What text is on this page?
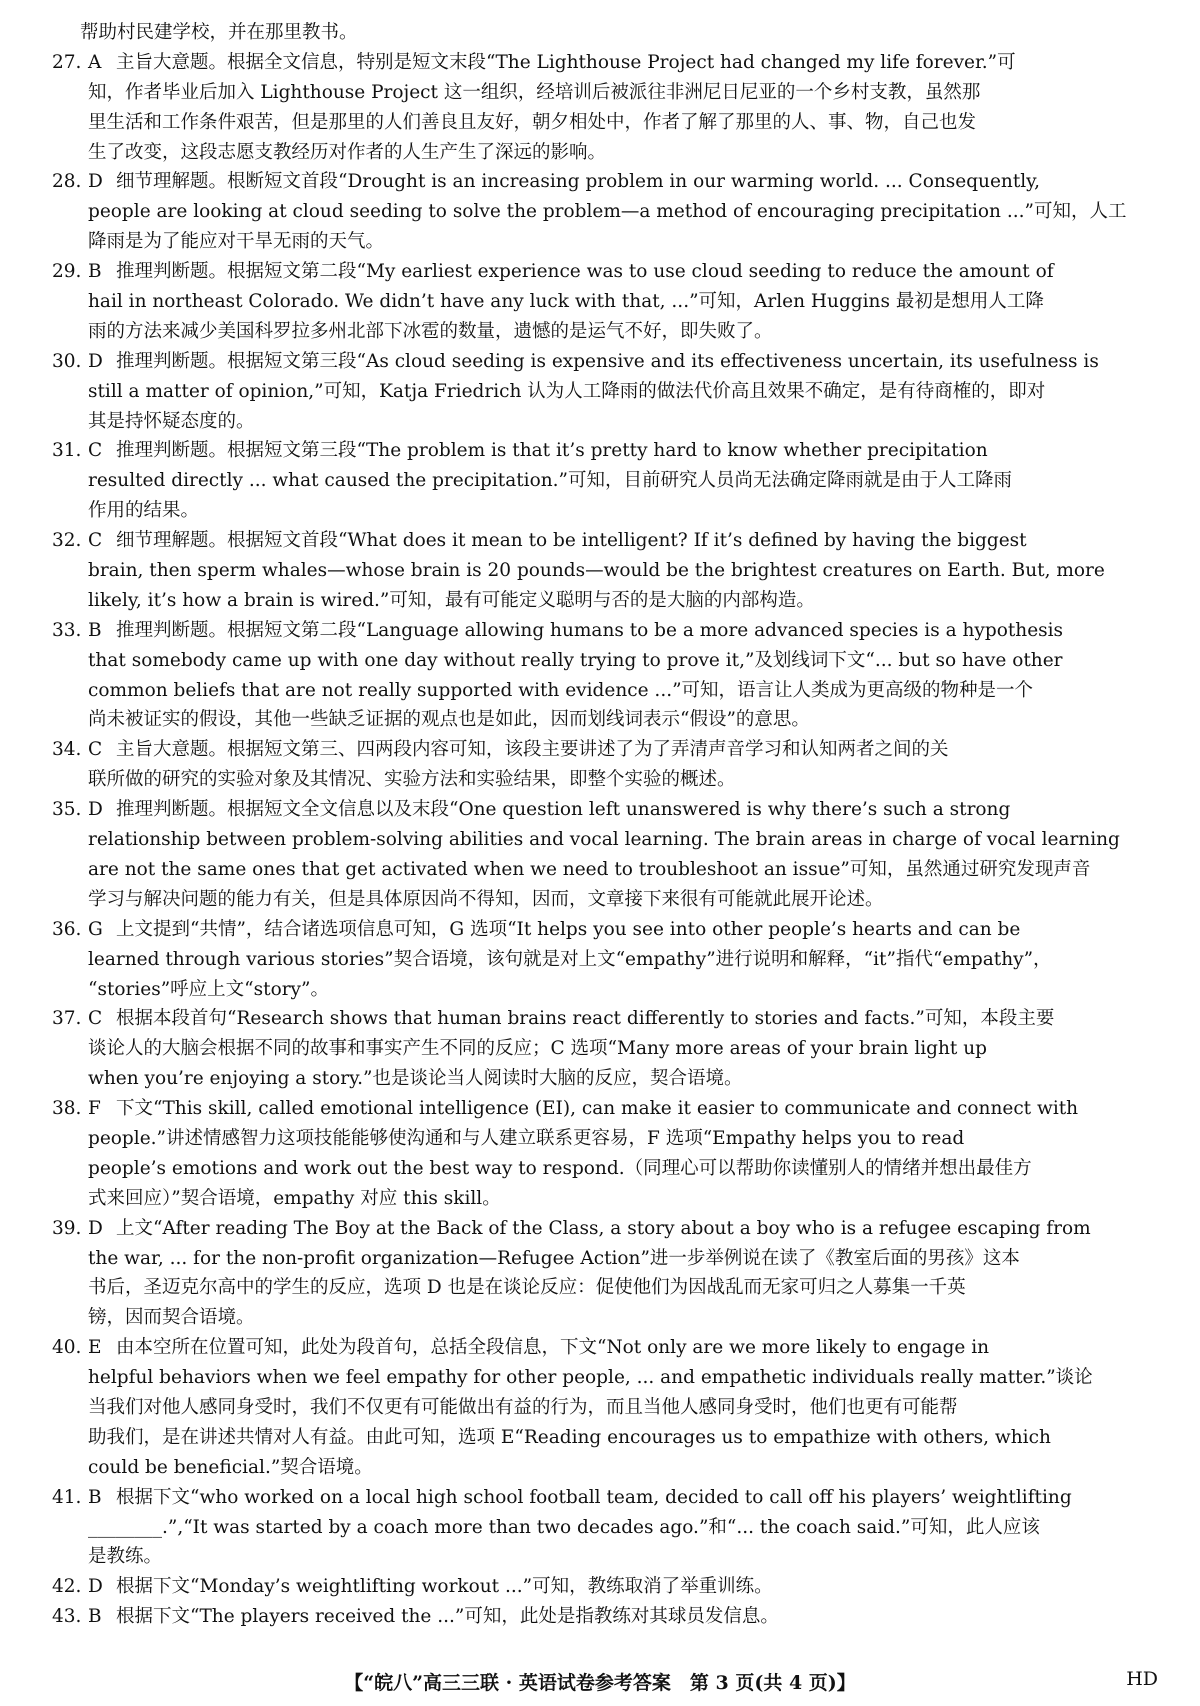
帮助村民建学校，并在那里教书。
27. A 主旨大意题。根据全文信息，特别是短文末段“The Lighthouse Project had changed my life forever.”可
知，作者毕业后加入 Lighthouse Project 这一组织，经培训后被派往非洲尼日尼亚的一个乡村支教，虽然那
里生活和工作条件艰苦，但是那里的人们善良且友好，朝夕相处中，作者了解了那里的人、事、物，自己也发
生了改变，这段志愿支教经历对作者的人生产生了深远的影响。
28. D 细节理解题。根断短文首段“Drought is an increasing problem in our warming world. ... Consequently,
people are looking at cloud seeding to solve the problem—a method of encouraging precipitation ...”可知，人工
降雨是为了能应对干旱无雨的天气。
29. B 推理判断题。根据短文第二段“My earliest experience was to use cloud seeding to reduce the amount of
hail in northeast Colorado. We didn’t have any luck with that, ...”可知，Arlen Huggins 最初是想用人工降
雨的方法来减少美国科罗拉多州北部下冰雹的数量，遗憾的是运气不好，即失败了。
30. D 推理判断题。根据短文第三段“As cloud seeding is expensive and its effectiveness uncertain, its usefulness is
still a matter of opinion,”可知，Katja Friedrich 认为人工降雨的做法代价高且效果不确定，是有待商榷的，即对
其是持怀疑态度的。
31. C 推理判断题。根据短文第三段“The problem is that it’s pretty hard to know whether precipitation
resulted directly ... what caused the precipitation.”可知，目前研究人员尚无法确定降雨就是由于人工降雨
作用的结果。
32. C 细节理解题。根据短文首段“What does it mean to be intelligent? If it’s defined by having the biggest
brain, then sperm whales—whose brain is 20 pounds—would be the brightest creatures on Earth. But, more
likely, it’s how a brain is wired.”可知，最有可能定义聪明与否的是大脑的内部构造。
33. B 推理判断题。根据短文第二段“Language allowing humans to be a more advanced species is a hypothesis
that somebody came up with one day without really trying to prove it,”及划线词下文“... but so have other
common beliefs that are not really supported with evidence ...”可知，语言让人类成为更高级的物种是一个
尚未被证实的假设，其他一些缺乏证据的观点也是如此，因而划线词表示“假设”的意思。
34. C 主旨大意题。根据短文第三、四两段内容可知，该段主要讲述了为了弄清声音学习和认知两者之间的关
联所做的研究的实验对象及其情况、实验方法和实验结果，即整个实验的概述。
35. D 推理判断题。根据短文全文信息以及末段“One question left unanswered is why there’s such a strong
relationship between problem-solving abilities and vocal learning. The brain areas in charge of vocal learning
are not the same ones that get activated when we need to troubleshoot an issue”可知，虽然通过研究发现声音
学习与解决问题的能力有关，但是具体原因尚不得知，因而，文章接下来很有可能就此展开论述。
36. G 上文提到“共情”，结合诸选项信息可知，G 选项“It helps you see into other people’s hearts and can be
learned through various stories”契合语境，该句就是对上文“empathy”进行说明和解释，“it”指代“empathy”，
“stories”呼应上文“story”。
37. C 根据本段首句“Research shows that human brains react differently to stories and facts.”可知，本段主要
谈论人的大脑会根据不同的故事和事实产生不同的反应；C 选项“Many more areas of your brain light up
when you’re enjoying a story.”也是谈论当人阅读时大脑的反应，契合语境。
38. F 下文“This skill, called emotional intelligence (EI), can make it easier to communicate and connect with
people.”讲述情感智力这项技能能够使沟通和与人建立联系更容易，F 选项“Empathy helps you to read
people’s emotions and work out the best way to respond.（同理心可以帮助你读懂别人的情绪并想出最佳方
式来回应）”契合语境，empathy 对应 this skill。
39. D 上文“After reading The Boy at the Back of the Class, a story about a boy who is a refugee escaping from
the war, ... for the non-profit organization—Refugee Action”进一步举例说在读了《教室后面的男孩》这本
书后，圣迈克尔高中的学生的反应，选项 D 也是在谈论反应：促使他们为因战乱而无家可归之人募集一千英
镑，因而契合语境。
40. E 由本空所在位置可知，此处为段首句，总括全段信息，下文“Not only are we more likely to engage in
helpful behaviors when we feel empathy for other people, ... and empathetic individuals really matter.”谈论
当我们对他人感同身受时，我们不仅更有可能做出有益的行为，而且当他人感同身受时，他们也更有可能帮
助我们，是在讲述共情对人有益。由此可知，选项 E“Reading encourages us to empathize with others, which
could be beneficial.”契合语境。
41. B 根据下文“who worked on a local high school football team, decided to call off his players’ weightlifting
________.”,“It was started by a coach more than two decades ago.”和“... the coach said.”可知，此人应该
是教练。
42. D 根据下文“Monday’s weightlifting workout ...”可知，教练取消了举重训练。
43. B 根据下文“The players received the ...”可知，此处是指教练对其球员发信息。
【“皖八”高三三联 · 英语试卷参考答案　第 3 页(共 4 页)】	HD
